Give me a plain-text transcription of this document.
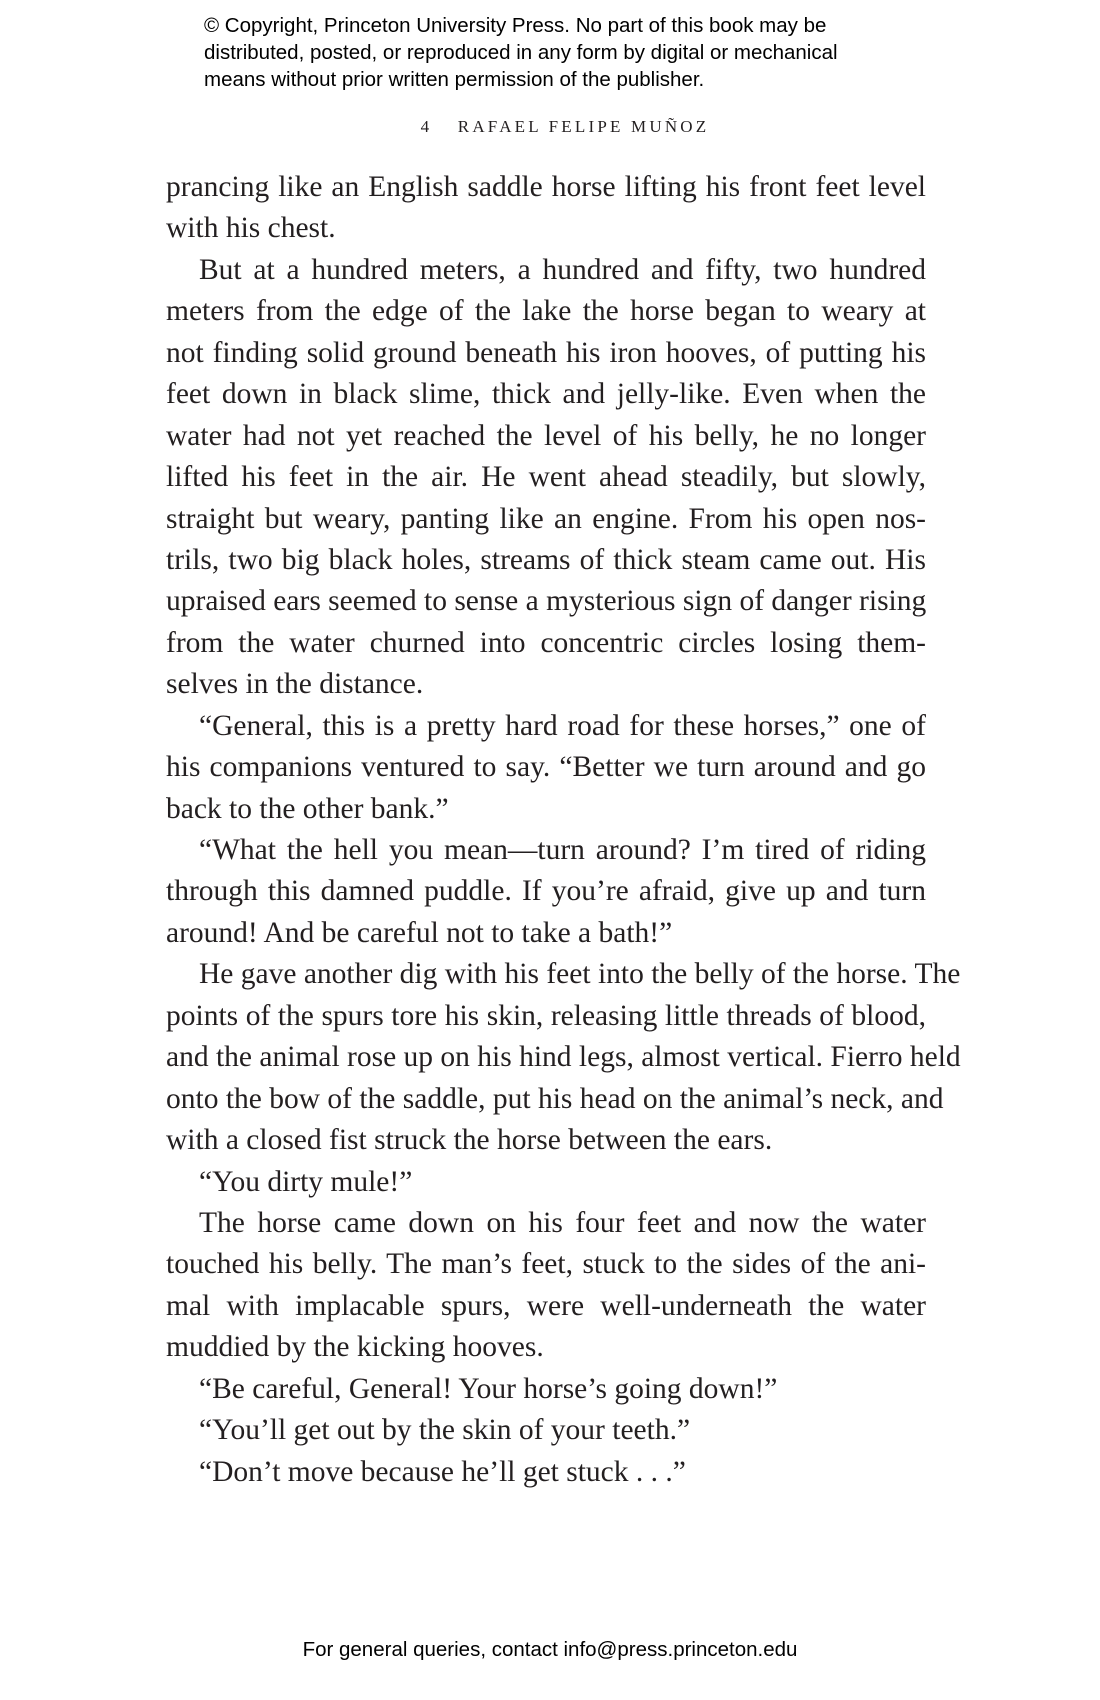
© Copyright, Princeton University Press. No part of this book may be
distributed, posted, or reproduced in any form by digital or mechanical
means without prior written permission of the publisher.
4 RAFAEL FELIPE MUÑOZ
prancing like an English saddle horse lifting his front feet level
with his chest.
But at a hundred meters, a hundred and fifty, two hundred
meters from the edge of the lake the horse began to weary at
not finding solid ground beneath his iron hooves, of putting his
feet down in black slime, thick and jelly-like. Even when the
water had not yet reached the level of his belly, he no longer
lifted his feet in the air. He went ahead steadily, but slowly,
straight but weary, panting like an engine. From his open nos-
trils, two big black holes, streams of thick steam came out. His
upraised ears seemed to sense a mysterious sign of danger rising
from the water churned into concentric circles losing them-
selves in the distance.
“General, this is a pretty hard road for these horses,” one of
his companions ventured to say. “Better we turn around and go
back to the other bank.”
“What the hell you mean—turn around? I’m tired of riding
through this damned puddle. If you’re afraid, give up and turn
around! And be careful not to take a bath!”
He gave another dig with his feet into the belly of the horse. The
points of the spurs tore his skin, releasing little threads of blood,
and the animal rose up on his hind legs, almost vertical. Fierro held
onto the bow of the saddle, put his head on the animal’s neck, and
with a closed fist struck the horse between the ears.
“You dirty mule!”
The horse came down on his four feet and now the water
touched his belly. The man’s feet, stuck to the sides of the ani-
mal with implacable spurs, were well-underneath the water
muddied by the kicking hooves.
“Be careful, General! Your horse’s going down!”
“You’ll get out by the skin of your teeth.”
“Don’t move because he’ll get stuck . . .”
For general queries, contact info@press.princeton.edu
